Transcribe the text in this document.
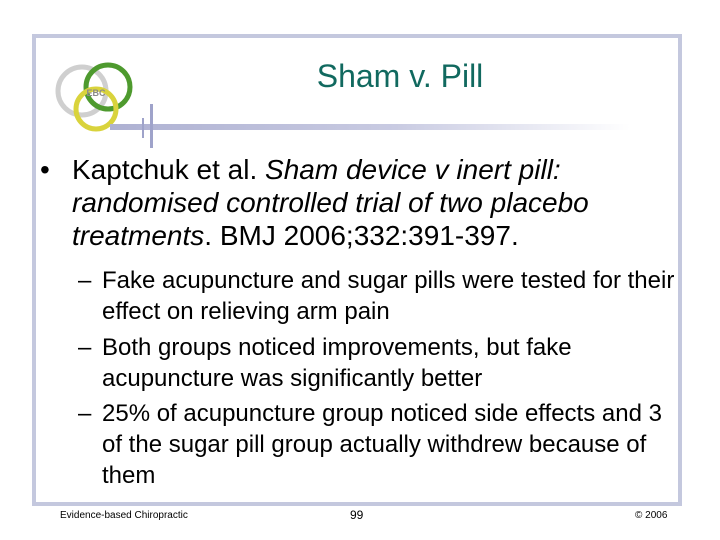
EBC	Sham v. Pill
• Kaptchuk et al. Sham device v inert pill: randomised controlled trial of two placebo treatments. BMJ 2006;332:391-397.
– Fake acupuncture and sugar pills were tested for their effect on relieving arm pain
– Both groups noticed improvements, but fake acupuncture was significantly better
– 25% of acupuncture group noticed side effects and 3 of the sugar pill group actually withdrew because of them
Evidence-based Chiropractic	99	© 2006
